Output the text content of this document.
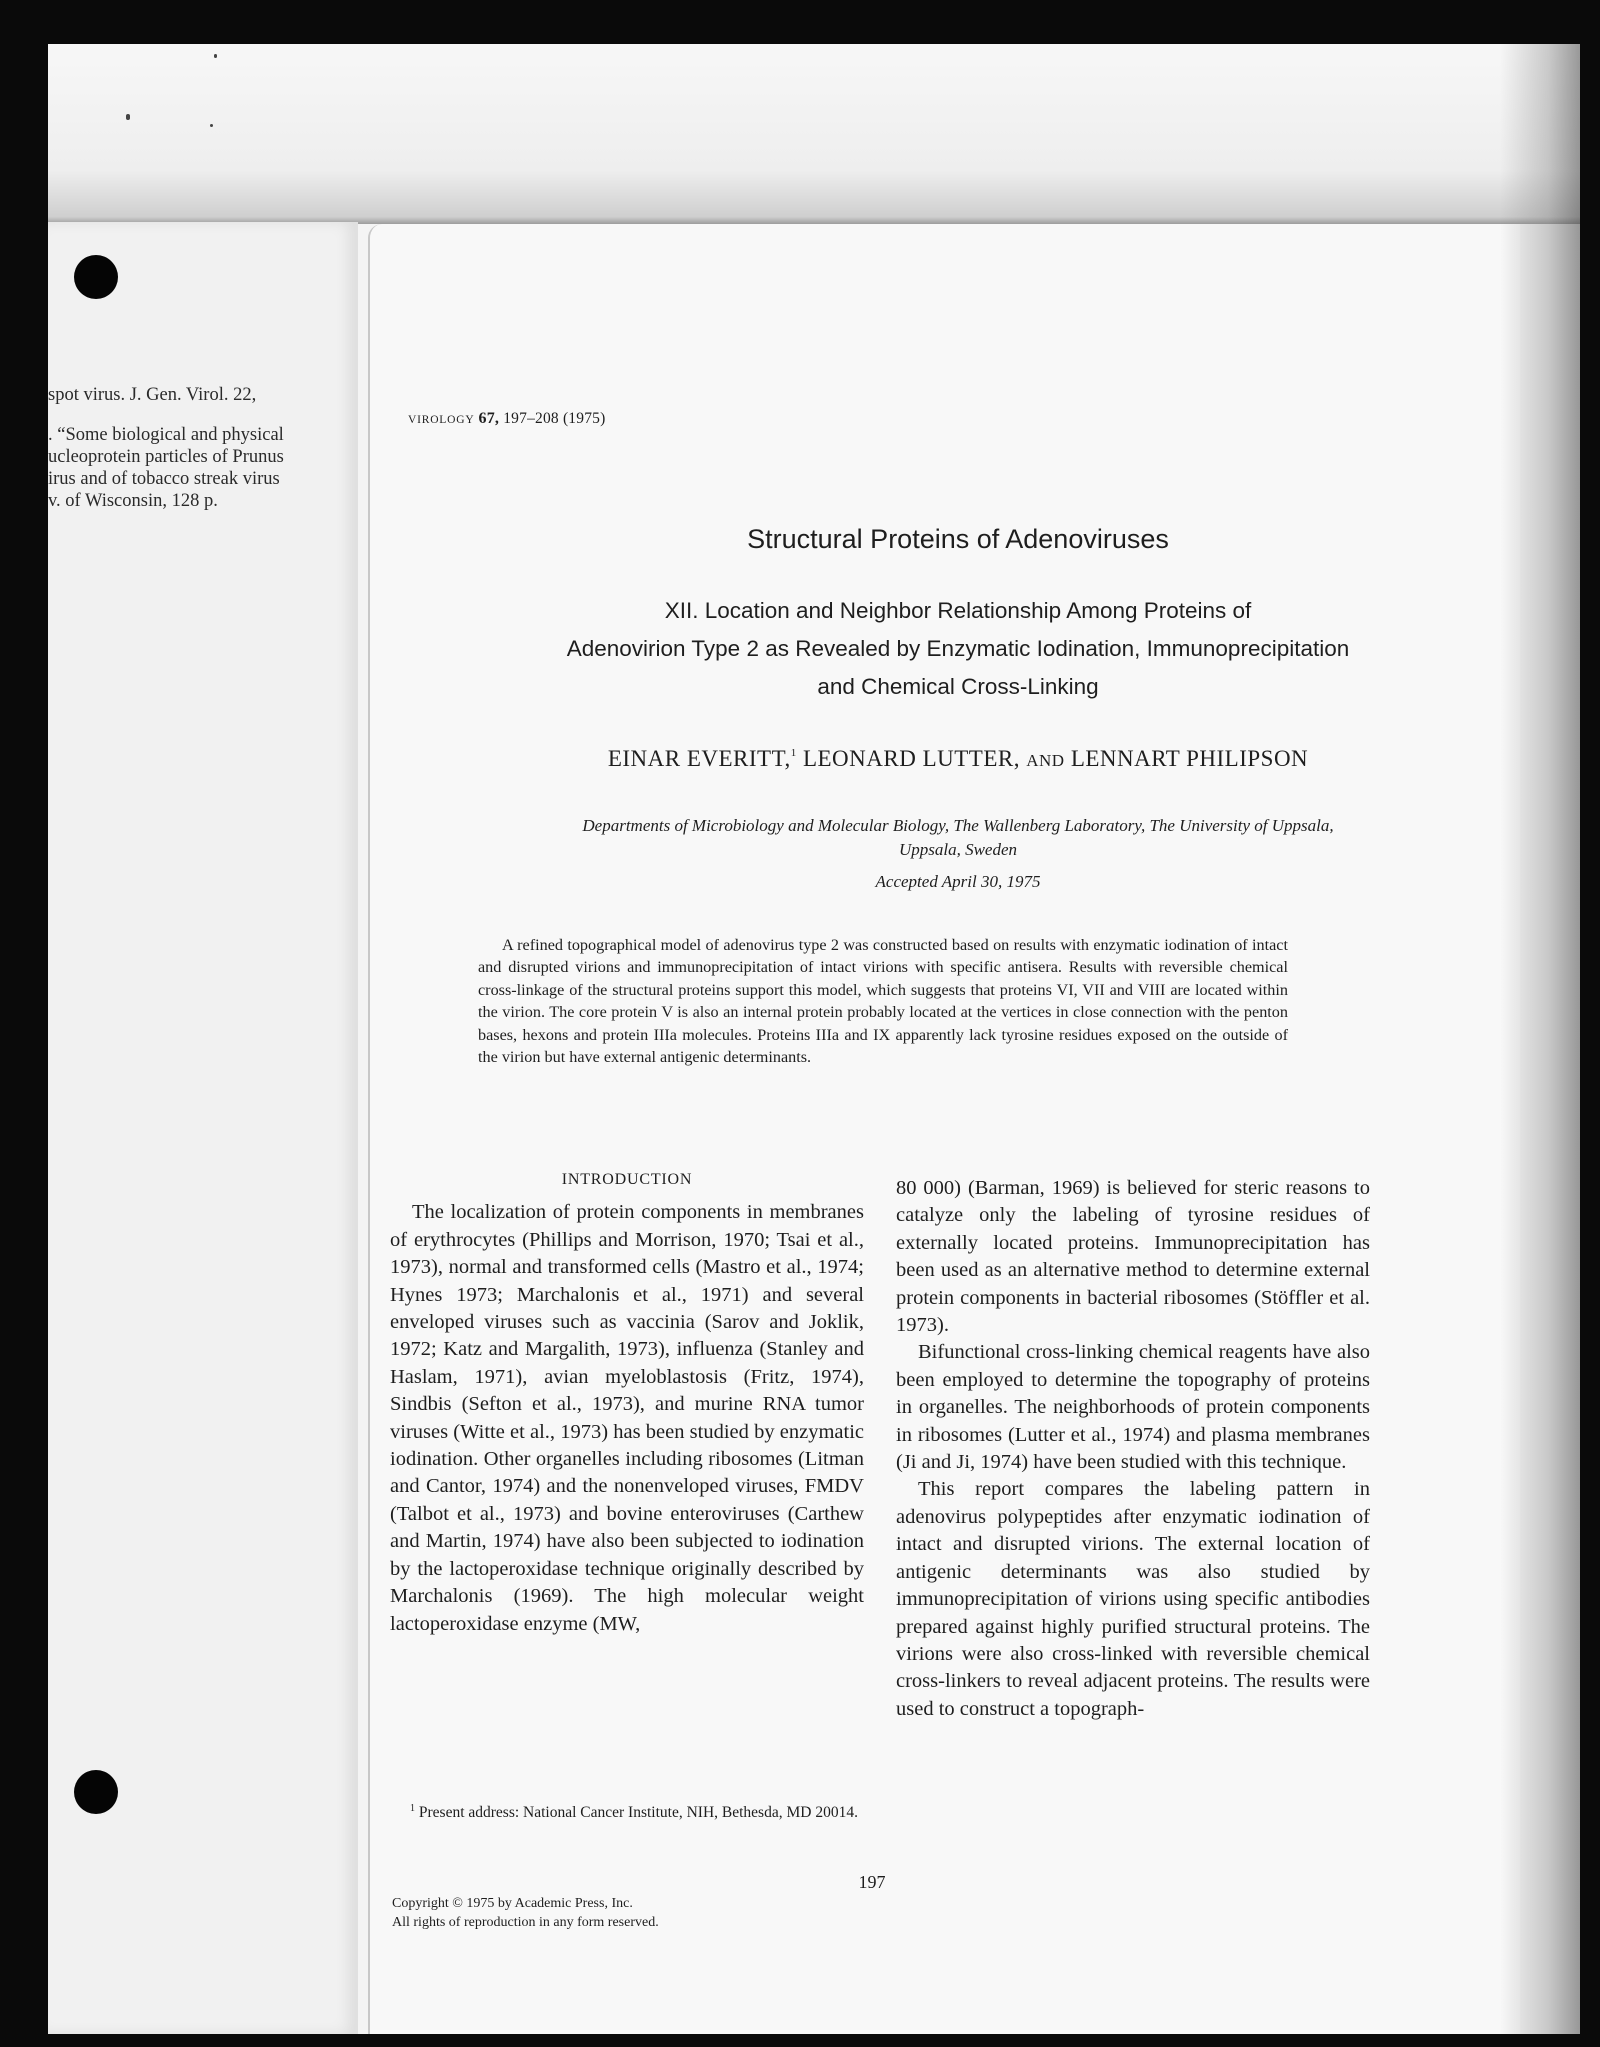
spot virus. J. Gen. Virol. 22,
. “Some biological and physical
ucleoprotein particles of Prunus
irus and of tobacco streak virus
v. of Wisconsin, 128 p.
VIROLOGY 67, 197–208 (1975)
Structural Proteins of Adenoviruses
XII. Location and Neighbor Relationship Among Proteins of
Adenovirion Type 2 as Revealed by Enzymatic Iodination, Immunoprecipitation
and Chemical Cross-Linking
EINAR EVERITT,$^1$ LEONARD LUTTER, AND LENNART PHILIPSON
Departments of Microbiology and Molecular Biology, The Wallenberg Laboratory, The University of Uppsala,
Uppsala, Sweden
Accepted April 30, 1975
A refined topographical model of adenovirus type 2 was constructed based on results with enzymatic iodination of intact and disrupted virions and immunoprecipitation of intact virions with specific antisera. Results with reversible chemical cross-linkage of the structural proteins support this model, which suggests that proteins VI, VII and VIII are located within the virion. The core protein V is also an internal protein probably located at the vertices in close connection with the penton bases, hexons and protein IIIa molecules. Proteins IIIa and IX apparently lack tyrosine residues exposed on the outside of the virion but have external antigenic determinants.
INTRODUCTION

The localization of protein components in membranes of erythrocytes (Phillips and Morrison, 1970; Tsai et al., 1973), normal and transformed cells (Mastro et al., 1974; Hynes 1973; Marchalonis et al., 1971) and several enveloped viruses such as vaccinia (Sarov and Joklik, 1972; Katz and Margalith, 1973), influenza (Stanley and Haslam, 1971), avian myeloblastosis (Fritz, 1974), Sindbis (Sefton et al., 1973), and murine RNA tumor viruses (Witte et al., 1973) has been studied by enzymatic iodination. Other organelles including ribosomes (Litman and Cantor, 1974) and the nonenveloped viruses, FMDV (Talbot et al., 1973) and bovine enteroviruses (Carthew and Martin, 1974) have also been subjected to iodination by the lactoperoxidase technique originally described by Marchalonis (1969). The high molecular weight lactoperoxidase enzyme (MW,

80 000) (Barman, 1969) is believed for steric reasons to catalyze only the labeling of tyrosine residues of externally located proteins. Immunoprecipitation has been used as an alternative method to determine external protein components in bacterial ribosomes (Stöffler et al. 1973).

Bifunctional cross-linking chemical reagents have also been employed to determine the topography of proteins in organelles. The neighborhoods of protein components in ribosomes (Lutter et al., 1974) and plasma membranes (Ji and Ji, 1974) have been studied with this technique.

This report compares the labeling pattern in adenovirus polypeptides after enzymatic iodination of intact and disrupted virions. The external location of antigenic determinants was also studied by immunoprecipitation of virions using specific antibodies prepared against highly purified structural proteins. The virions were also cross-linked with reversible chemical cross-linkers to reveal adjacent proteins. The results were used to construct a topograph-

$^1$ Present address: National Cancer Institute, NIH, Bethesda, MD 20014.
197
Copyright © 1975 by Academic Press, Inc.
All rights of reproduction in any form reserved.
